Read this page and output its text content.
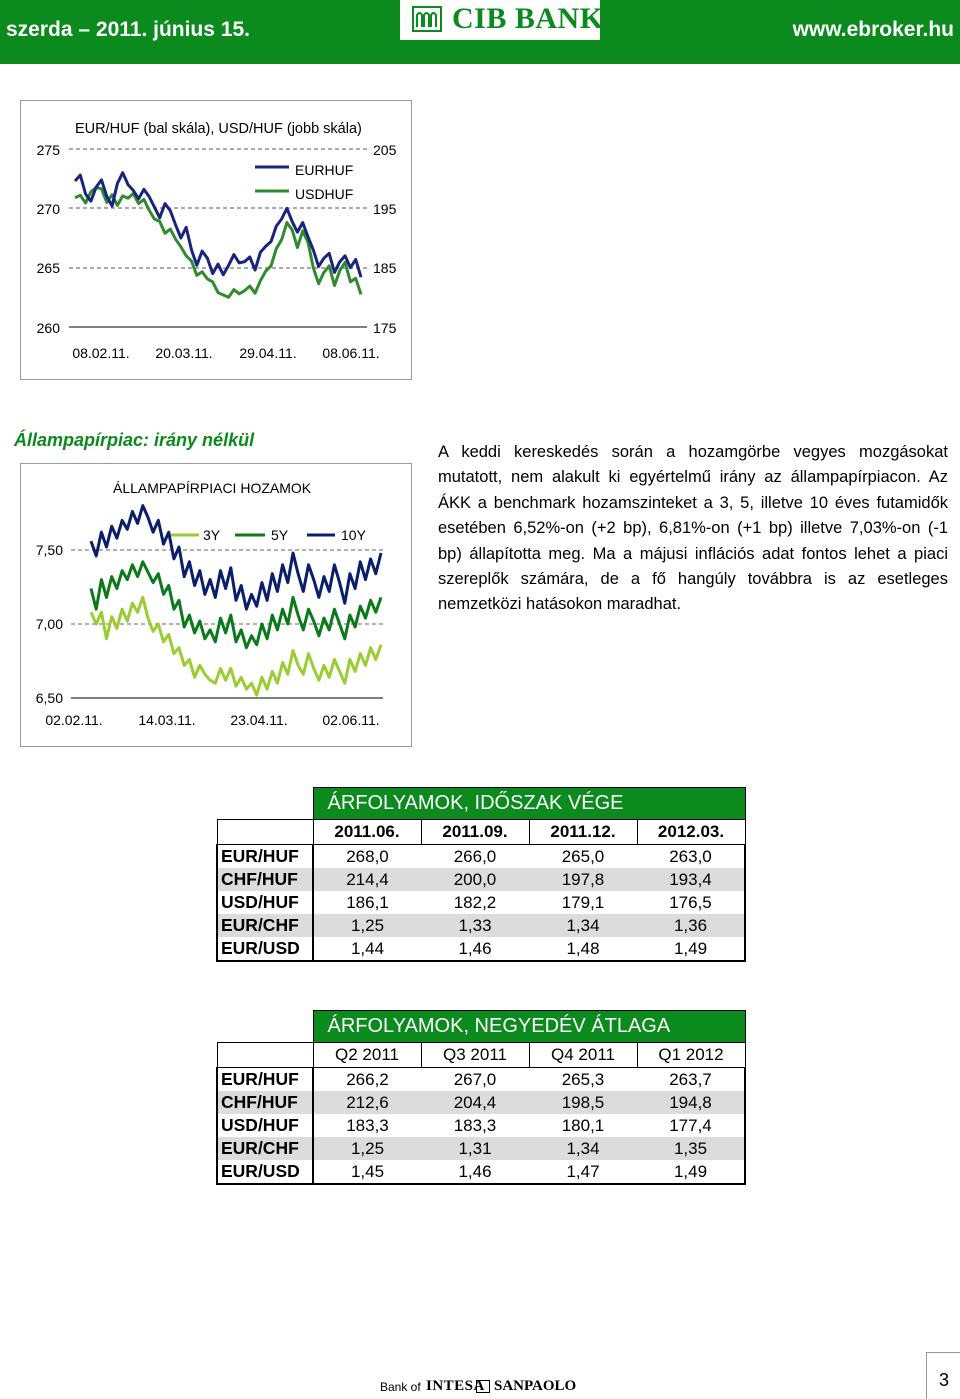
szerda – 2011. június 15.	CIB BANK	www.ebroker.hu
EUR/HUF (bal skála), USD/HUF (jobb skála)
275
270
265
260
205
195
185
175
08.02.11. 20.03.11. 29.04.11. 08.06.11.
EURHUF
USDHUF
Állampapírpiac: irány nélkül
ÁLLAMPAPÍRPIACI HOZAMOK
7,50
7,00
6,50
02.02.11.	14.03.11. 23.04.11. 02.06.11.
3Y	5Y	10Y

A keddi kereskedés során a hozamgörbe vegyes mozgásokat mutatott, nem alakult ki egyértelmű irány az állampapírpiacon. Az ÁKK a benchmark hozamszinteket a 3, 5, illetve 10 éves futamidők esetében 6,52%-on (+2 bp), 6,81%-on (+1 bp) illetve 7,03%-on (-1 bp) állapította meg. Ma a májusi inflációs adat fontos lehet a piaci szereplők számára, de a fő hangúly továbbra is az esetleges nemzetközi hatásokon maradhat.

	ÁRFOLYAMOK, IDŐSZAK VÉGE			
	2011.06.	2011.09.	2011.12.	2012.03.
EUR/HUF	268,0	266,0	265,0	263,0
CHF/HUF	214,4	200,0	197,8	193,4
USD/HUF	186,1	182,2	179,1	176,5
EUR/CHF	1,25	1,33	1,34	1,36
EUR/USD	1,44	1,46	1,48	1,49
	ÁRFOLYAMOK, NEGYEDÉV ÁTLAGA			
	Q2 2011	Q3 2011	Q4 2011	Q1 2012
EUR/HUF	266,2	267,0	265,3	263,7
CHF/HUF	212,6	204,4	198,5	194,8
USD/HUF	183,3	183,3	180,1	177,4
EUR/CHF	1,25	1,31	1,34	1,35
EUR/USD	1,45	1,46	1,47	1,49
Bank of INTESA SANPAOLO	3
